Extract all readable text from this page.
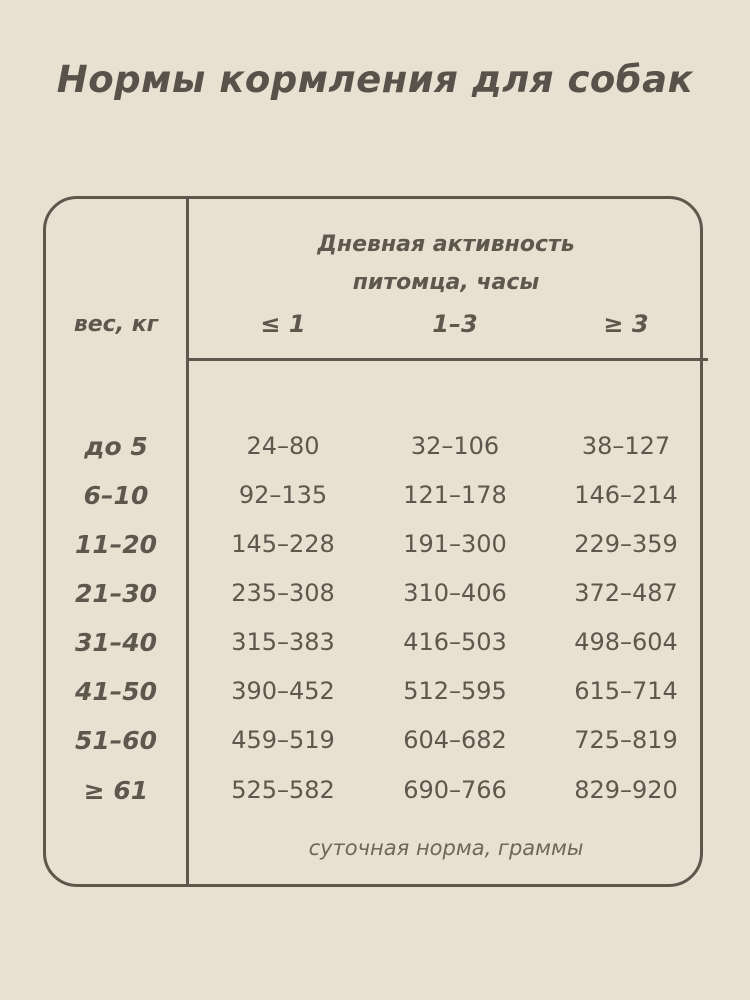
Нормы кормления для собак
Дневная активность
питомца, часы
вес, кг	≤ 1	1–3	≥ 3
до 5	24–80	32–106	38–127
6–10	92–135	121–178	146–214
11–20	145–228	191–300	229–359
21–30	235–308	310–406	372–487
31–40	315–383	416–503	498–604
41–50	390–452	512–595	615–714
51–60	459–519	604–682	725–819
≥ 61	525–582	690–766	829–920
суточная норма, граммы
